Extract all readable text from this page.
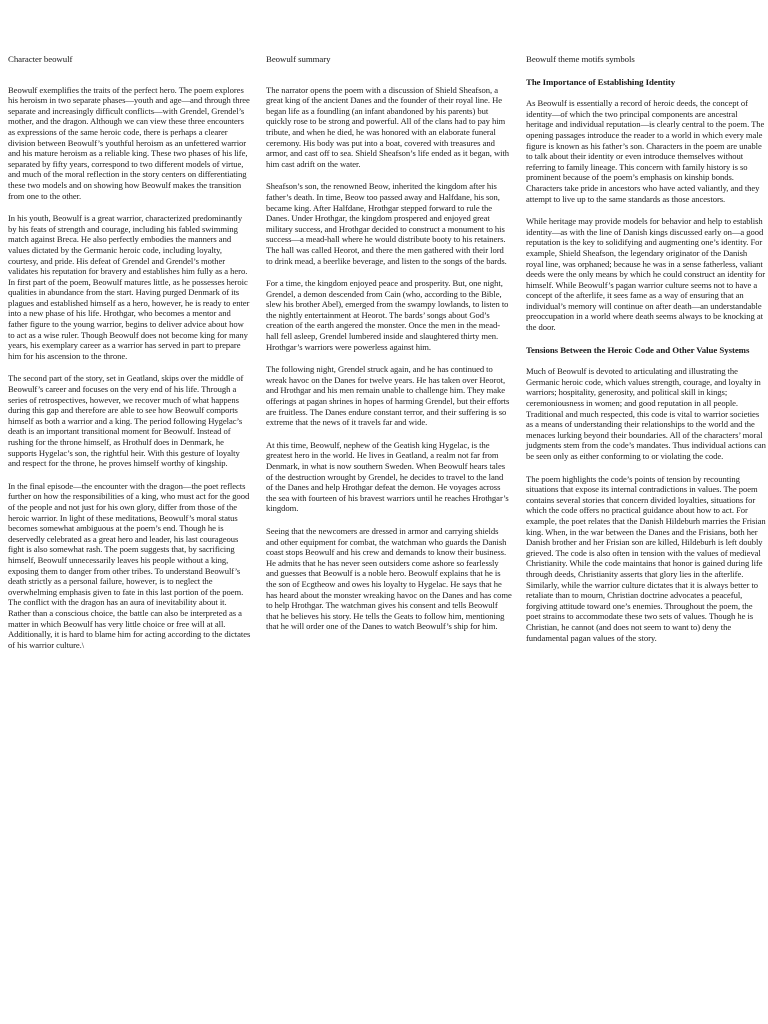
Character beowulf

Beowulf exemplifies the traits of the perfect hero. The poem explores his heroism in two separate phases—youth and age—and through three separate and increasingly difficult conflicts—with Grendel, Grendel’s mother, and the dragon. Although we can view these three encounters as expressions of the same heroic code, there is perhaps a clearer division between Beowulf’s youthful heroism as an unfettered warrior and his mature heroism as a reliable king. These two phases of his life, separated by fifty years, correspond to two different models of virtue, and much of the moral reflection in the story centers on differentiating these two models and on showing how Beowulf makes the transition from one to the other.

In his youth, Beowulf is a great warrior, characterized predominantly by his feats of strength and courage, including his fabled swimming match against Breca. He also perfectly embodies the manners and values dictated by the Germanic heroic code, including loyalty, courtesy, and pride. His defeat of Grendel and Grendel’s mother validates his reputation for bravery and establishes him fully as a hero. In first part of the poem, Beowulf matures little, as he possesses heroic qualities in abundance from the start. Having purged Denmark of its plagues and established himself as a hero, however, he is ready to enter into a new phase of his life. Hrothgar, who becomes a mentor and father figure to the young warrior, begins to deliver advice about how to act as a wise ruler. Though Beowulf does not become king for many years, his exemplary career as a warrior has served in part to prepare him for his ascension to the throne.

The second part of the story, set in Geatland, skips over the middle of Beowulf’s career and focuses on the very end of his life. Through a series of retrospectives, however, we recover much of what happens during this gap and therefore are able to see how Beowulf comports himself as both a warrior and a king. The period following Hygelac’s death is an important transitional moment for Beowulf. Instead of rushing for the throne himself, as Hrothulf does in Denmark, he supports Hygelac’s son, the rightful heir. With this gesture of loyalty and respect for the throne, he proves himself worthy of kingship.

In the final episode—the encounter with the dragon—the poet reflects further on how the responsibilities of a king, who must act for the good of the people and not just for his own glory, differ from those of the heroic warrior. In light of these meditations, Beowulf’s moral status becomes somewhat ambiguous at the poem’s end. Though he is deservedly celebrated as a great hero and leader, his last courageous fight is also somewhat rash. The poem suggests that, by sacrificing himself, Beowulf unnecessarily leaves his people without a king, exposing them to danger from other tribes. To understand Beowulf’s death strictly as a personal failure, however, is to neglect the overwhelming emphasis given to fate in this last portion of the poem. The conflict with the dragon has an aura of inevitability about it. Rather than a conscious choice, the battle can also be interpreted as a matter in which Beowulf has very little choice or free will at all. Additionally, it is hard to blame him for acting according to the dictates of his warrior culture.\

Beowulf summary

The narrator opens the poem with a discussion of Shield Sheafson, a great king of the ancient Danes and the founder of their royal line. He began life as a foundling (an infant abandoned by his parents) but quickly rose to be strong and powerful. All of the clans had to pay him tribute, and when he died, he was honored with an elaborate funeral ceremony. His body was put into a boat, covered with treasures and armor, and cast off to sea. Shield Sheafson’s life ended as it began, with him cast adrift on the water.

Sheafson’s son, the renowned Beow, inherited the kingdom after his father’s death. In time, Beow too passed away and Halfdane, his son, became king. After Halfdane, Hrothgar stepped forward to rule the Danes. Under Hrothgar, the kingdom prospered and enjoyed great military success, and Hrothgar decided to construct a monument to his success—a mead-hall where he would distribute booty to his retainers. The hall was called Heorot, and there the men gathered with their lord to drink mead, a beerlike beverage, and listen to the songs of the bards.

For a time, the kingdom enjoyed peace and prosperity. But, one night, Grendel, a demon descended from Cain (who, according to the Bible, slew his brother Abel), emerged from the swampy lowlands, to listen to the nightly entertainment at Heorot. The bards’ songs about God’s creation of the earth angered the monster. Once the men in the mead-hall fell asleep, Grendel lumbered inside and slaughtered thirty men. Hrothgar’s warriors were powerless against him.

The following night, Grendel struck again, and he has continued to wreak havoc on the Danes for twelve years. He has taken over Heorot, and Hrothgar and his men remain unable to challenge him. They make offerings at pagan shrines in hopes of harming Grendel, but their efforts are fruitless. The Danes endure constant terror, and their suffering is so extreme that the news of it travels far and wide.

At this time, Beowulf, nephew of the Geatish king Hygelac, is the greatest hero in the world. He lives in Geatland, a realm not far from Denmark, in what is now southern Sweden. When Beowulf hears tales of the destruction wrought by Grendel, he decides to travel to the land of the Danes and help Hrothgar defeat the demon. He voyages across the sea with fourteen of his bravest warriors until he reaches Hrothgar’s kingdom.

Seeing that the newcomers are dressed in armor and carrying shields and other equipment for combat, the watchman who guards the Danish coast stops Beowulf and his crew and demands to know their business. He admits that he has never seen outsiders come ashore so fearlessly and guesses that Beowulf is a noble hero. Beowulf explains that he is the son of Ecgtheow and owes his loyalty to Hygelac. He says that he has heard about the monster wreaking havoc on the Danes and has come to help Hrothgar. The watchman gives his consent and tells Beowulf that he believes his story. He tells the Geats to follow him, mentioning that he will order one of the Danes to watch Beowulf’s ship for him.

Beowulf theme motifs symbols
The Importance of Establishing Identity

As Beowulf is essentially a record of heroic deeds, the concept of identity—of which the two principal components are ancestral heritage and individual reputation—is clearly central to the poem. The opening passages introduce the reader to a world in which every male figure is known as his father’s son. Characters in the poem are unable to talk about their identity or even introduce themselves without referring to family lineage. This concern with family history is so prominent because of the poem’s emphasis on kinship bonds. Characters take pride in ancestors who have acted valiantly, and they attempt to live up to the same standards as those ancestors.

While heritage may provide models for behavior and help to establish identity—as with the line of Danish kings discussed early on—a good reputation is the key to solidifying and augmenting one’s identity. For example, Shield Sheafson, the legendary originator of the Danish royal line, was orphaned; because he was in a sense fatherless, valiant deeds were the only means by which he could construct an identity for himself. While Beowulf’s pagan warrior culture seems not to have a concept of the afterlife, it sees fame as a way of ensuring that an individual’s memory will continue on after death—an understandable preoccupation in a world where death seems always to be knocking at the door.

Tensions Between the Heroic Code and Other Value Systems

Much of Beowulf is devoted to articulating and illustrating the Germanic heroic code, which values strength, courage, and loyalty in warriors; hospitality, generosity, and political skill in kings; ceremoniousness in women; and good reputation in all people. Traditional and much respected, this code is vital to warrior societies as a means of understanding their relationships to the world and the menaces lurking beyond their boundaries. All of the characters’ moral judgments stem from the code’s mandates. Thus individual actions can be seen only as either conforming to or violating the code.

The poem highlights the code’s points of tension by recounting situations that expose its internal contradictions in values. The poem contains several stories that concern divided loyalties, situations for which the code offers no practical guidance about how to act. For example, the poet relates that the Danish Hildeburh marries the Frisian king. When, in the war between the Danes and the Frisians, both her Danish brother and her Frisian son are killed, Hildeburh is left doubly grieved. The code is also often in tension with the values of medieval Christianity. While the code maintains that honor is gained during life through deeds, Christianity asserts that glory lies in the afterlife. Similarly, while the warrior culture dictates that it is always better to retaliate than to mourn, Christian doctrine advocates a peaceful, forgiving attitude toward one’s enemies. Throughout the poem, the poet strains to accommodate these two sets of values. Though he is Christian, he cannot (and does not seem to want to) deny the fundamental pagan values of the story.
